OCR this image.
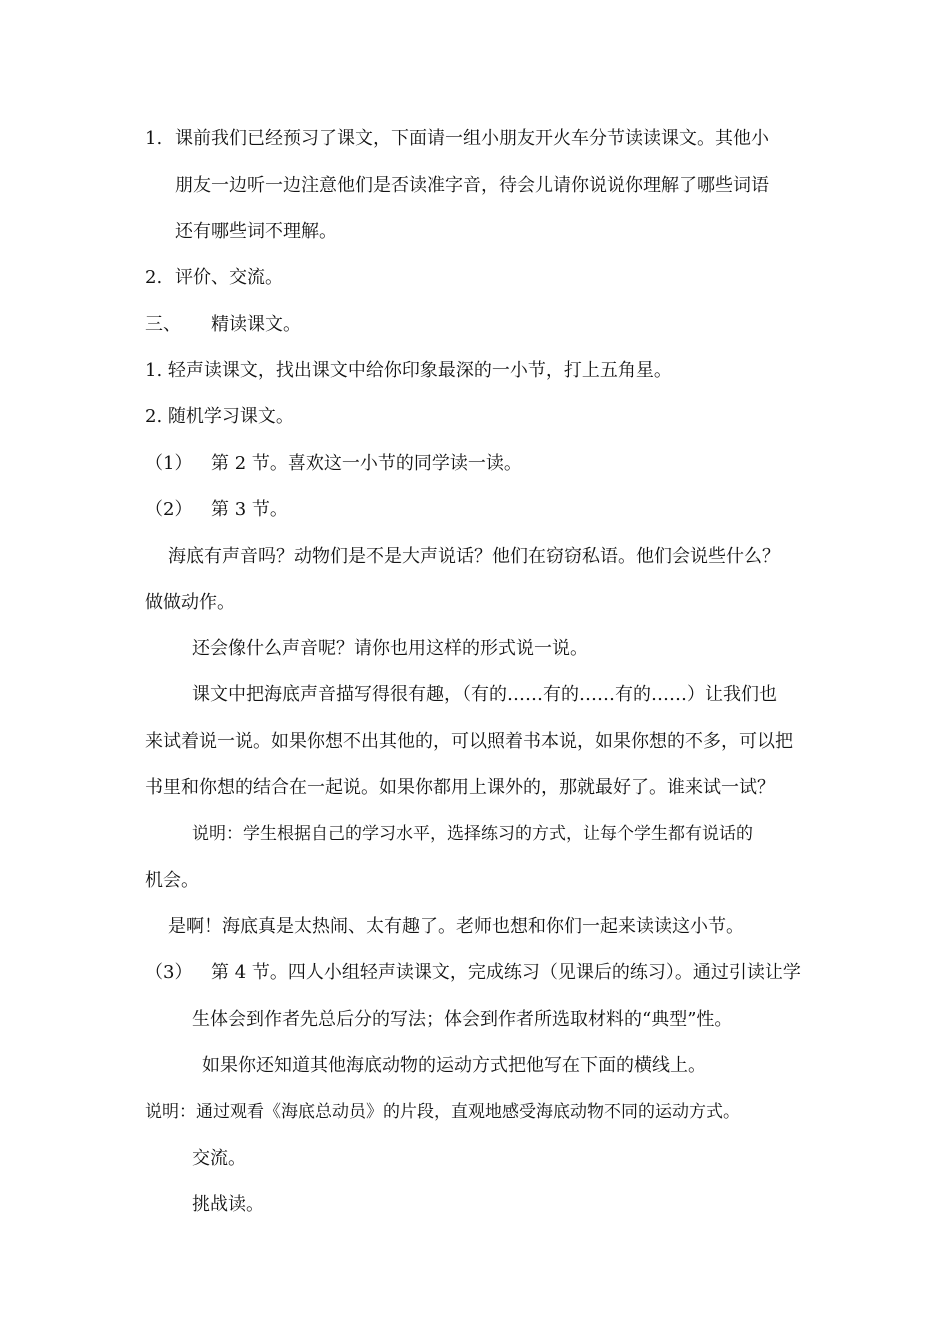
1. 课前我们已经预习了课文，下面请一组小朋友开火车分节读读课文。其他小
朋友一边听一边注意他们是否读准字音，待会儿请你说说你理解了哪些词语
还有哪些词不理解。
2. 评价、交流。
三、 精读课文。
1. 轻声读课文，找出课文中给你印象最深的一小节，打上五角星。
2. 随机学习课文。
（1） 第 2 节。喜欢这一小节的同学读一读。
（2） 第 3 节。
海底有声音吗？动物们是不是大声说话？他们在窃窃私语。他们会说些什么？
做做动作。
还会像什么声音呢？请你也用这样的形式说一说。
课文中把海底声音描写得很有趣，（有的……有的……有的……）让我们也
来试着说一说。如果你想不出其他的，可以照着书本说，如果你想的不多，可以把
书里和你想的结合在一起说。如果你都用上课外的，那就最好了。谁来试一试？
说明：学生根据自己的学习水平，选择练习的方式，让每个学生都有说话的
机会。
是啊！海底真是太热闹、太有趣了。老师也想和你们一起来读读这小节。
（3） 第 4 节。四人小组轻声读课文，完成练习（见课后的练习）。通过引读让学
生体会到作者先总后分的写法；体会到作者所选取材料的“典型”性。
如果你还知道其他海底动物的运动方式把他写在下面的横线上。
说明：通过观看《海底总动员》的片段，直观地感受海底动物不同的运动方式。
交流。
挑战读。
